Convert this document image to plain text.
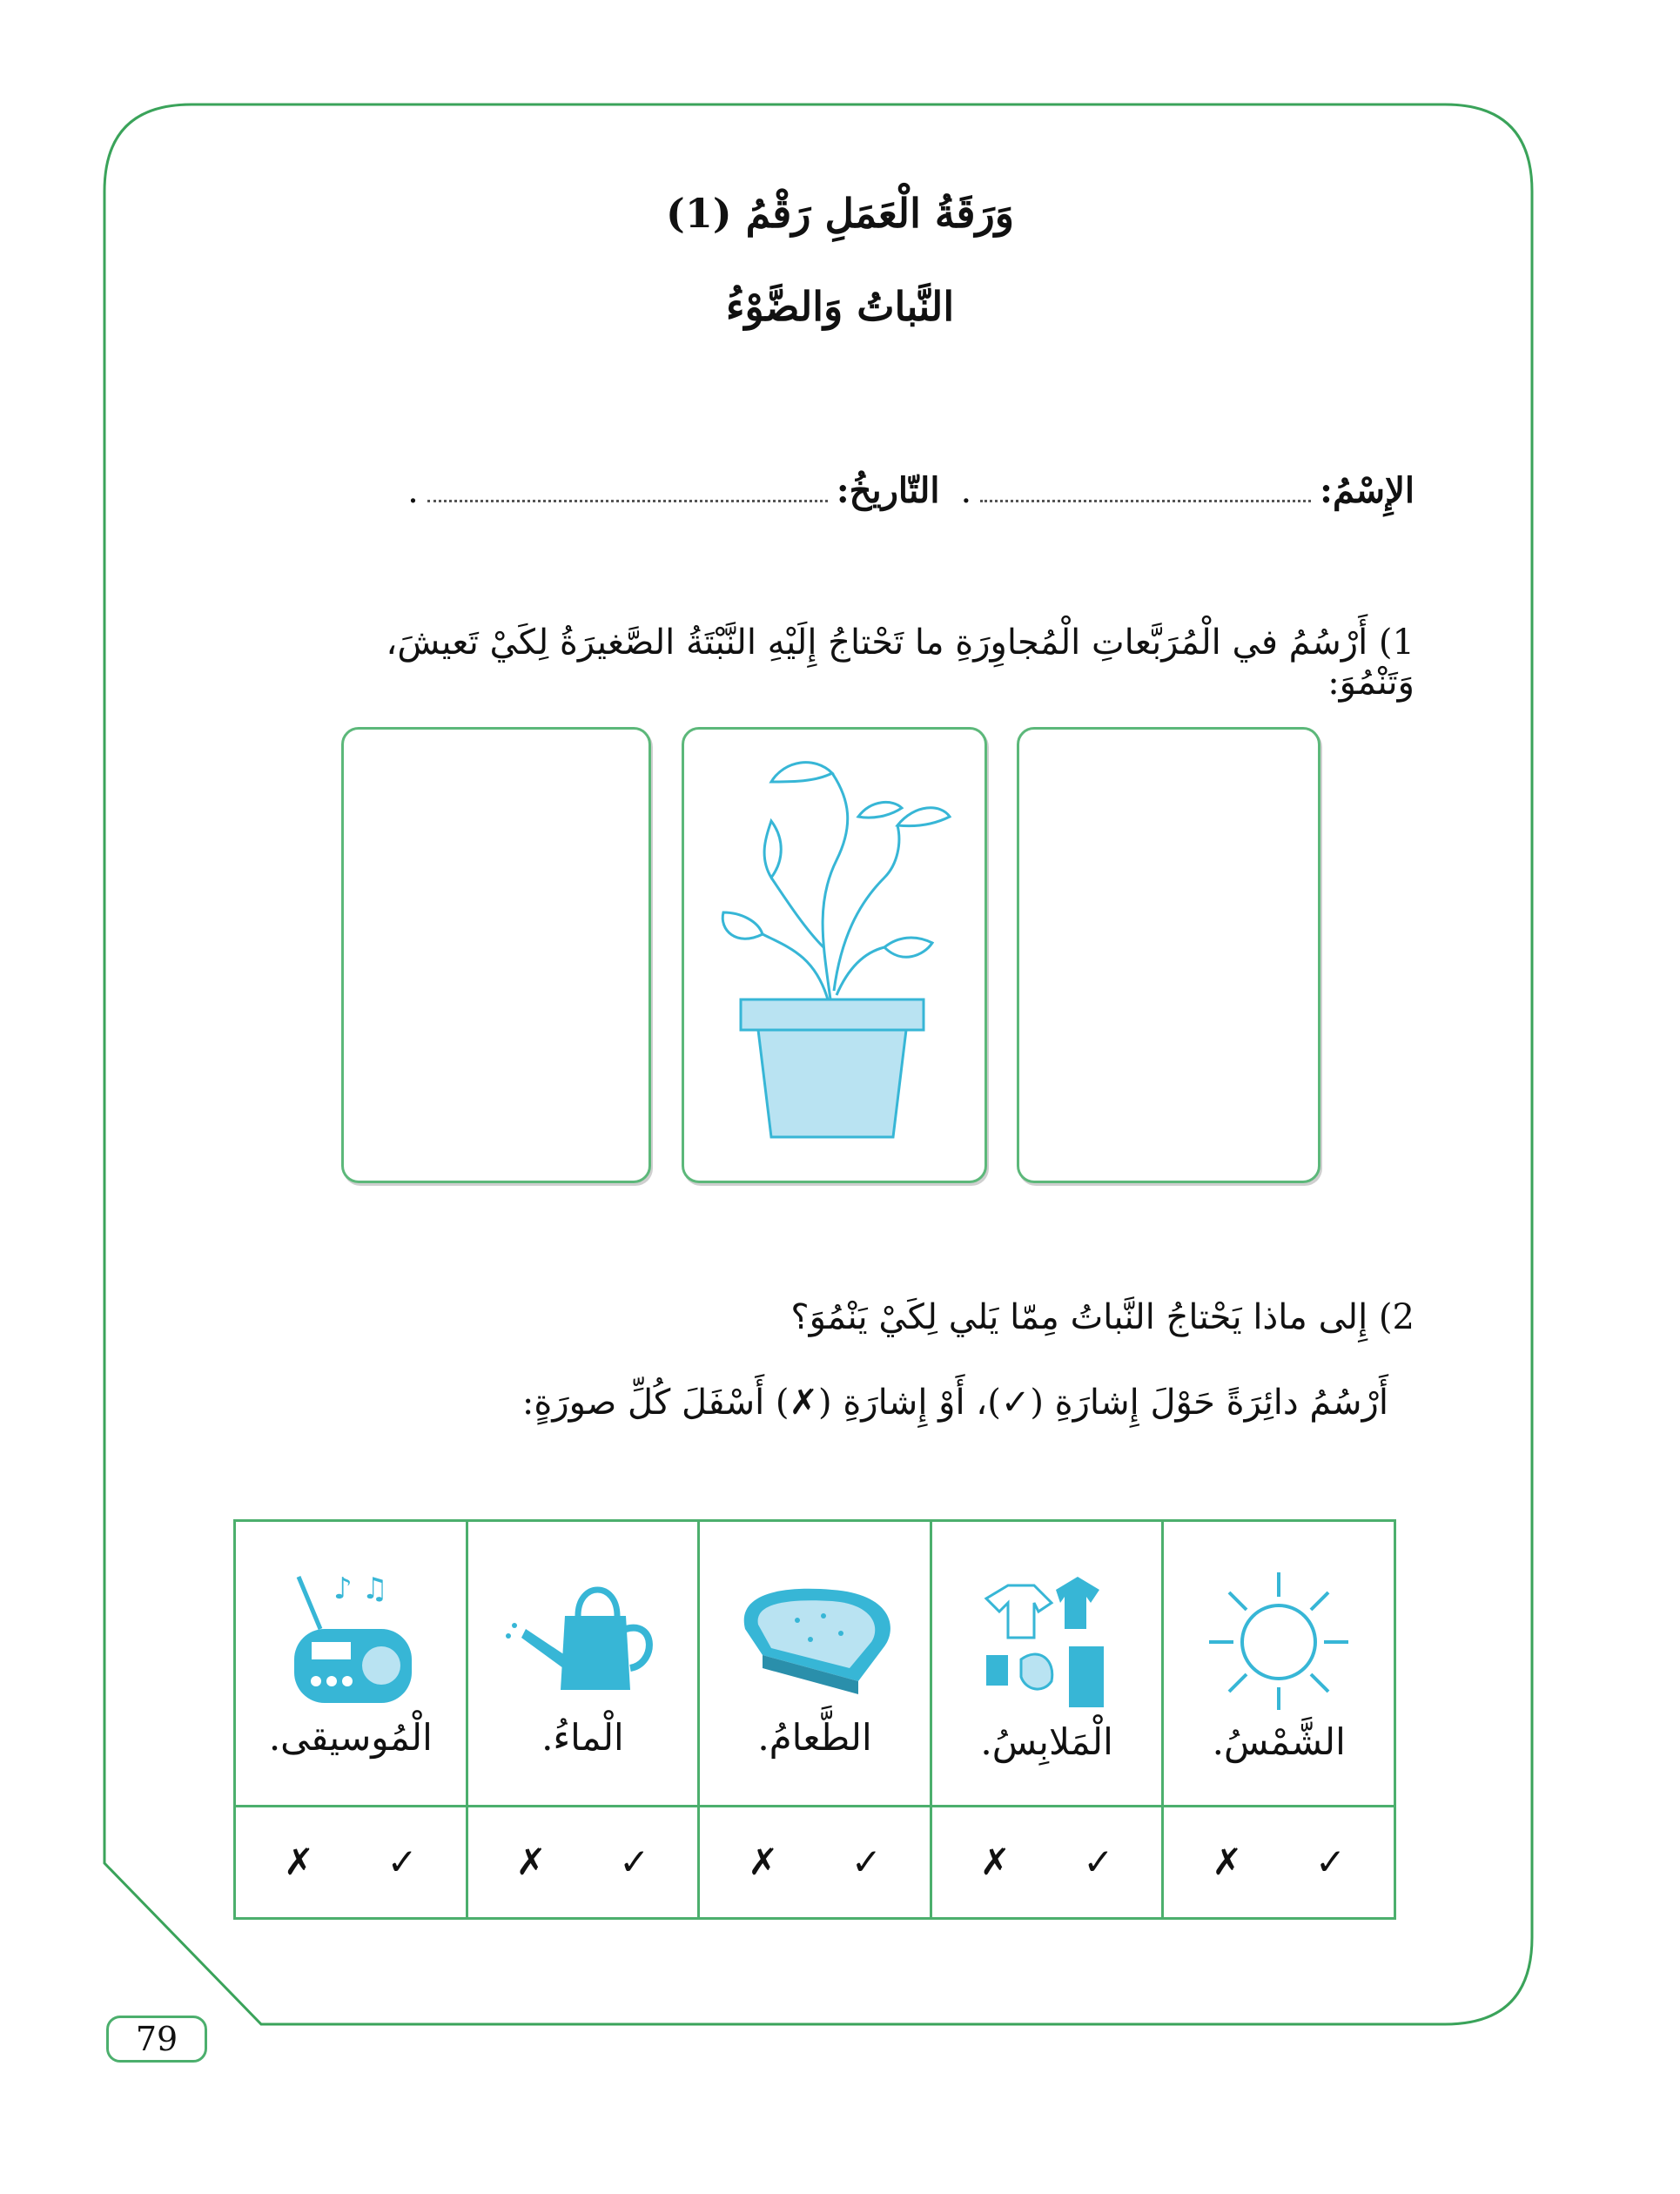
وَرَقَةُ الْعَمَلِ رَقْمُ (1)
النَّباتُ وَالضَّوْءُ
الإِسْمُ:
.
التّاريخُ:
.
1) أَرْسُمُ في الْمُرَبَّعاتِ الْمُجاوِرَةِ ما تَحْتاجُ إِلَيْهِ النَّبْتَةُ الصَّغيرَةُ لِكَيْ تَعيشَ، وَتَنْمُوَ:
2) إِلى ماذا يَحْتاجُ النَّباتُ مِمّا يَلي لِكَيْ يَنْمُوَ؟
أَرْسُمُ دائِرَةً حَوْلَ إِشارَةِ (✓)، أَوْ إِشارَةِ (✗) أَسْفَلَ كُلِّ صورَةٍ:
♪ ♫
الْمُوسيقى.	الْماءُ.	الطَّعامُ.	الْمَلابِسُ.	الشَّمْسُ.

✗ ✓	✗ ✓	✗ ✓	✗ ✓	✗ ✓
79
